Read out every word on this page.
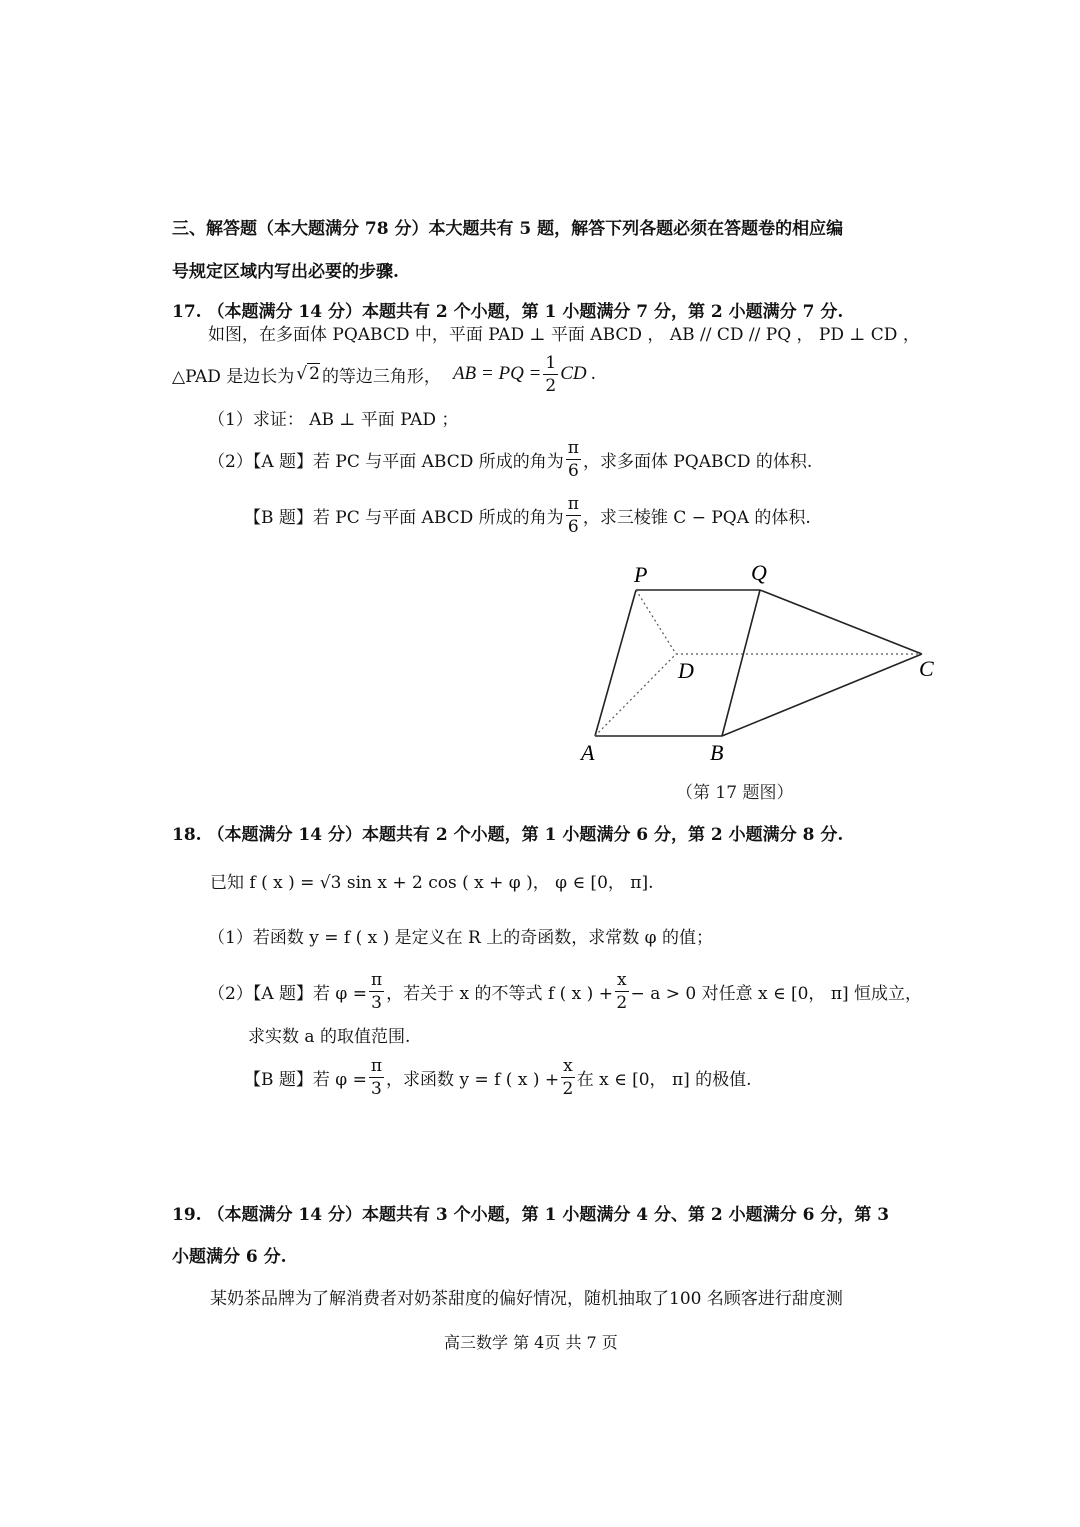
三、解答题（本大题满分 78 分）本大题共有 5 题，解答下列各题必须在答题卷的相应编
号规定区域内写出必要的步骤.
17. （本题满分 14 分）本题共有 2 个小题，第 1 小题满分 7 分，第 2 小题满分 7 分.
如图，在多面体 PQABCD 中，平面 PAD ⊥ 平面 ABCD ， AB // CD // PQ ， PD ⊥ CD ，
△PAD 是边长为 √ 2 的等边三角形， AB = PQ = $\frac{1}{2}$ CD .
（1）求证： AB ⊥ 平面 PAD ；
（2）【A 题】若 PC 与平面 ABCD 所成的角为 $\frac{\pi}{6}$ ，求多面体 PQABCD 的体积.
【B 题】若 PC 与平面 ABCD 所成的角为 $\frac{\pi}{6}$ ，求三棱锥 C − PQA 的体积.
P	Q
D	C
A	B
（第 17 题图）
18. （本题满分 14 分）本题共有 2 个小题，第 1 小题满分 6 分，第 2 小题满分 8 分.
已知 f ( x ) = √3 sin x + 2 cos ( x + φ )， φ ∈ [0， π].
（1）若函数 y = f ( x ) 是定义在 R 上的奇函数，求常数 φ 的值；
（2）【A 题】若 $\varphi = \frac{\pi}{3}$ ，若关于 x 的不等式 f ( x ) + $\frac{x}{2} - a > 0$ 对任意 x ∈ [0， π] 恒成立，
求实数 a 的取值范围.
【B 题】若 $\varphi = \frac{\pi}{3}$ ，求函数 y = f ( x ) + $\frac{x}{2}$ 在 x ∈ [0， π] 的极值.
19. （本题满分 14 分）本题共有 3 个小题，第 1 小题满分 4 分、第 2 小题满分 6 分，第 3
小题满分 6 分.
某奶茶品牌为了解消费者对奶茶甜度的偏好情况，随机抽取了100 名顾客进行甜度测
高三数学 第 4页 共 7 页
